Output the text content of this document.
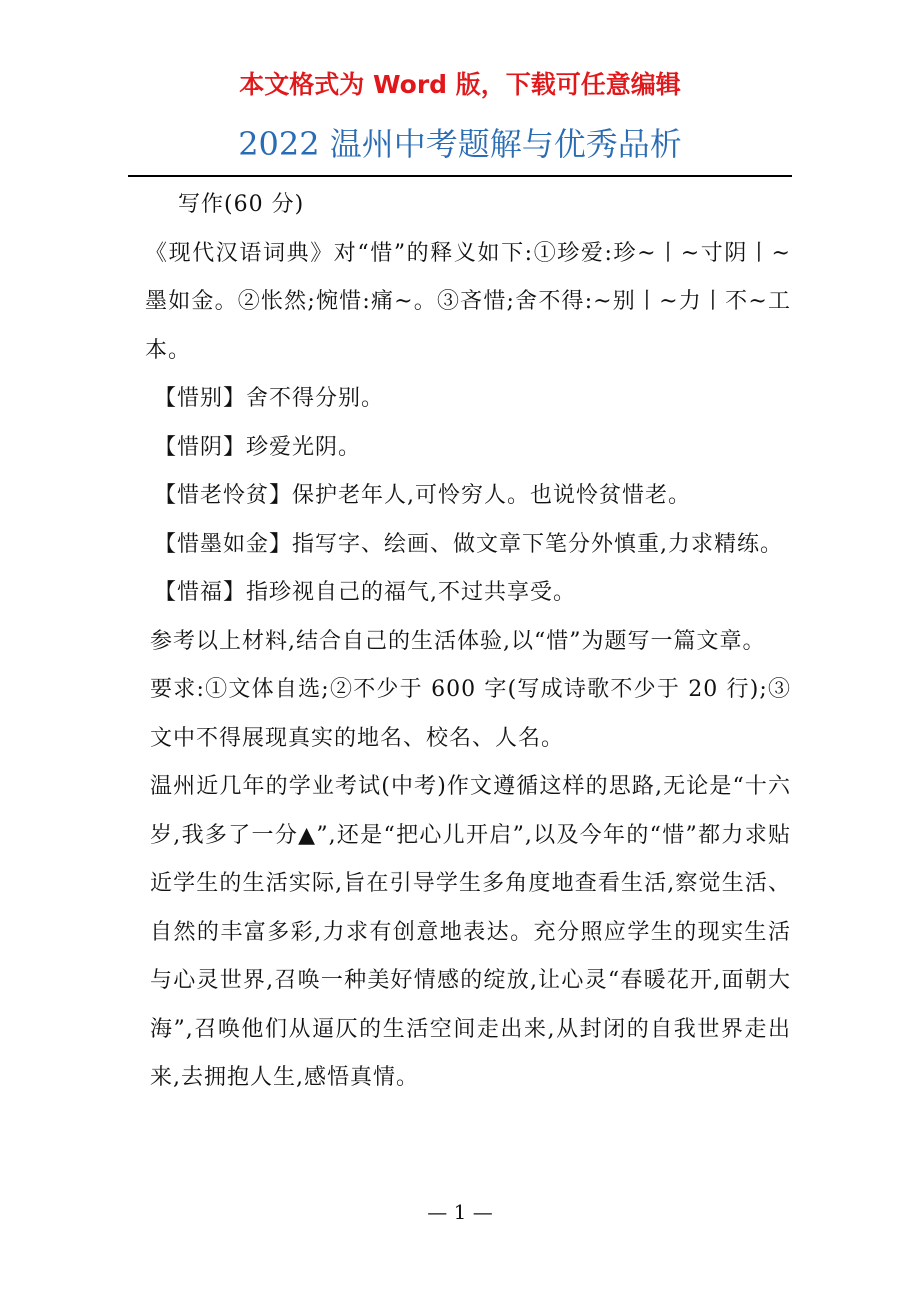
本文格式为 Word 版，下载可任意编辑
2022 温州中考题解与优秀品析

写作(60 分)

《现代汉语词典》对“惜”的释义如下:①珍爱:珍~丨~寸阴丨~墨如金。②怅然;惋惜:痛~。③吝惜;舍不得:~别丨~力丨不~工本。

【惜别】舍不得分别。

【惜阴】珍爱光阴。

【惜老怜贫】保护老年人,可怜穷人。也说怜贫惜老。

【惜墨如金】指写字、绘画、做文章下笔分外慎重,力求精练。

【惜福】指珍视自己的福气,不过共享受。

参考以上材料,结合自己的生活体验,以“惜”为题写一篇文章。

要求:①文体自选;②不少于 600 字(写成诗歌不少于 20 行);③文中不得展现真实的地名、校名、人名。

温州近几年的学业考试(中考)作文遵循这样的思路,无论是“十六岁,我多了一分▲”,还是“把心儿开启”,以及今年的“惜”都力求贴近学生的生活实际,旨在引导学生多角度地查看生活,察觉生活、自然的丰富多彩,力求有创意地表达。充分照应学生的现实生活与心灵世界,召唤一种美好情感的绽放,让心灵“春暖花开,面朝大海”,召唤他们从逼仄的生活空间走出来,从封闭的自我世界走出来,去拥抱人生,感悟真情。

— 1 —
